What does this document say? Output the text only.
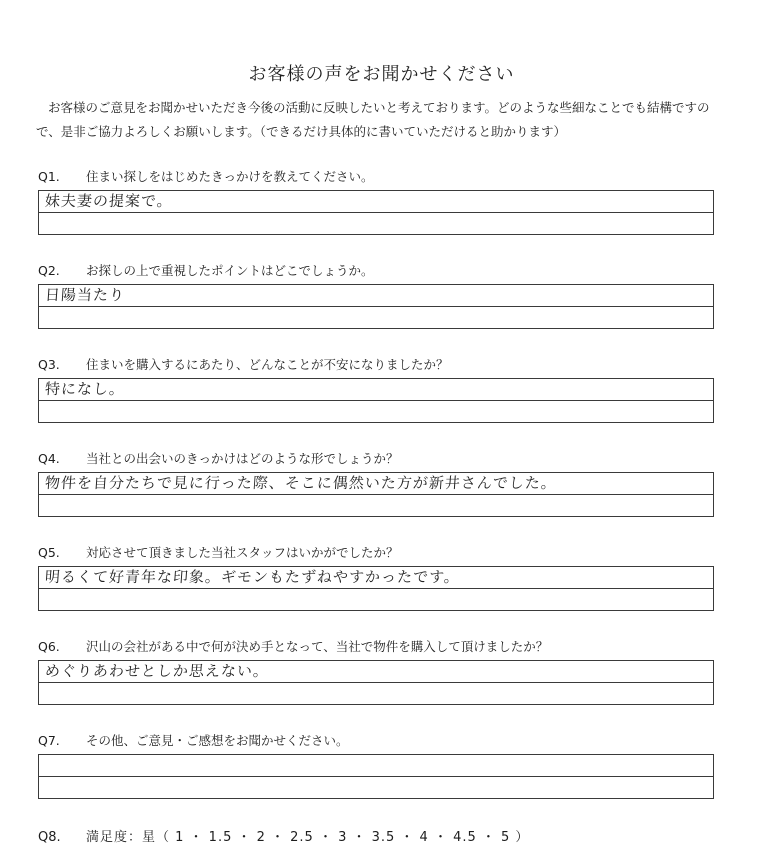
お客様の声をお聞かせください
お客様のご意見をお聞かせいただき今後の活動に反映したいと考えております。どのような些細なことでも結構ですので、是非ご協力よろしくお願いします。（できるだけ具体的に書いていただけると助かります）
Q1. 住まい探しをはじめたきっかけを教えてください。
妹夫妻の提案で。
Q2. お探しの上で重視したポイントはどこでしょうか。
日陽当たり
Q3. 住まいを購入するにあたり、どんなことが不安になりましたか？
特になし。
Q4. 当社との出会いのきっかけはどのような形でしょうか？
物件を自分たちで見に行った際、そこに偶然いた方が新井さんでした。
Q5. 対応させて頂きました当社スタッフはいかがでしたか？
明るくて好青年な印象。ギモンもたずねやすかったです。
Q6. 沢山の会社がある中で何が決め手となって、当社で物件を購入して頂けましたか？
めぐりあわせとしか思えない。
Q7. その他、ご意見・ご感想をお聞かせください。
Q8. 満足度：星（ 1 ・ 1.5 ・ 2 ・ 2.5 ・ 3 ・ 3.5 ・ 4 ・ 4.5 ・ 5 ）
